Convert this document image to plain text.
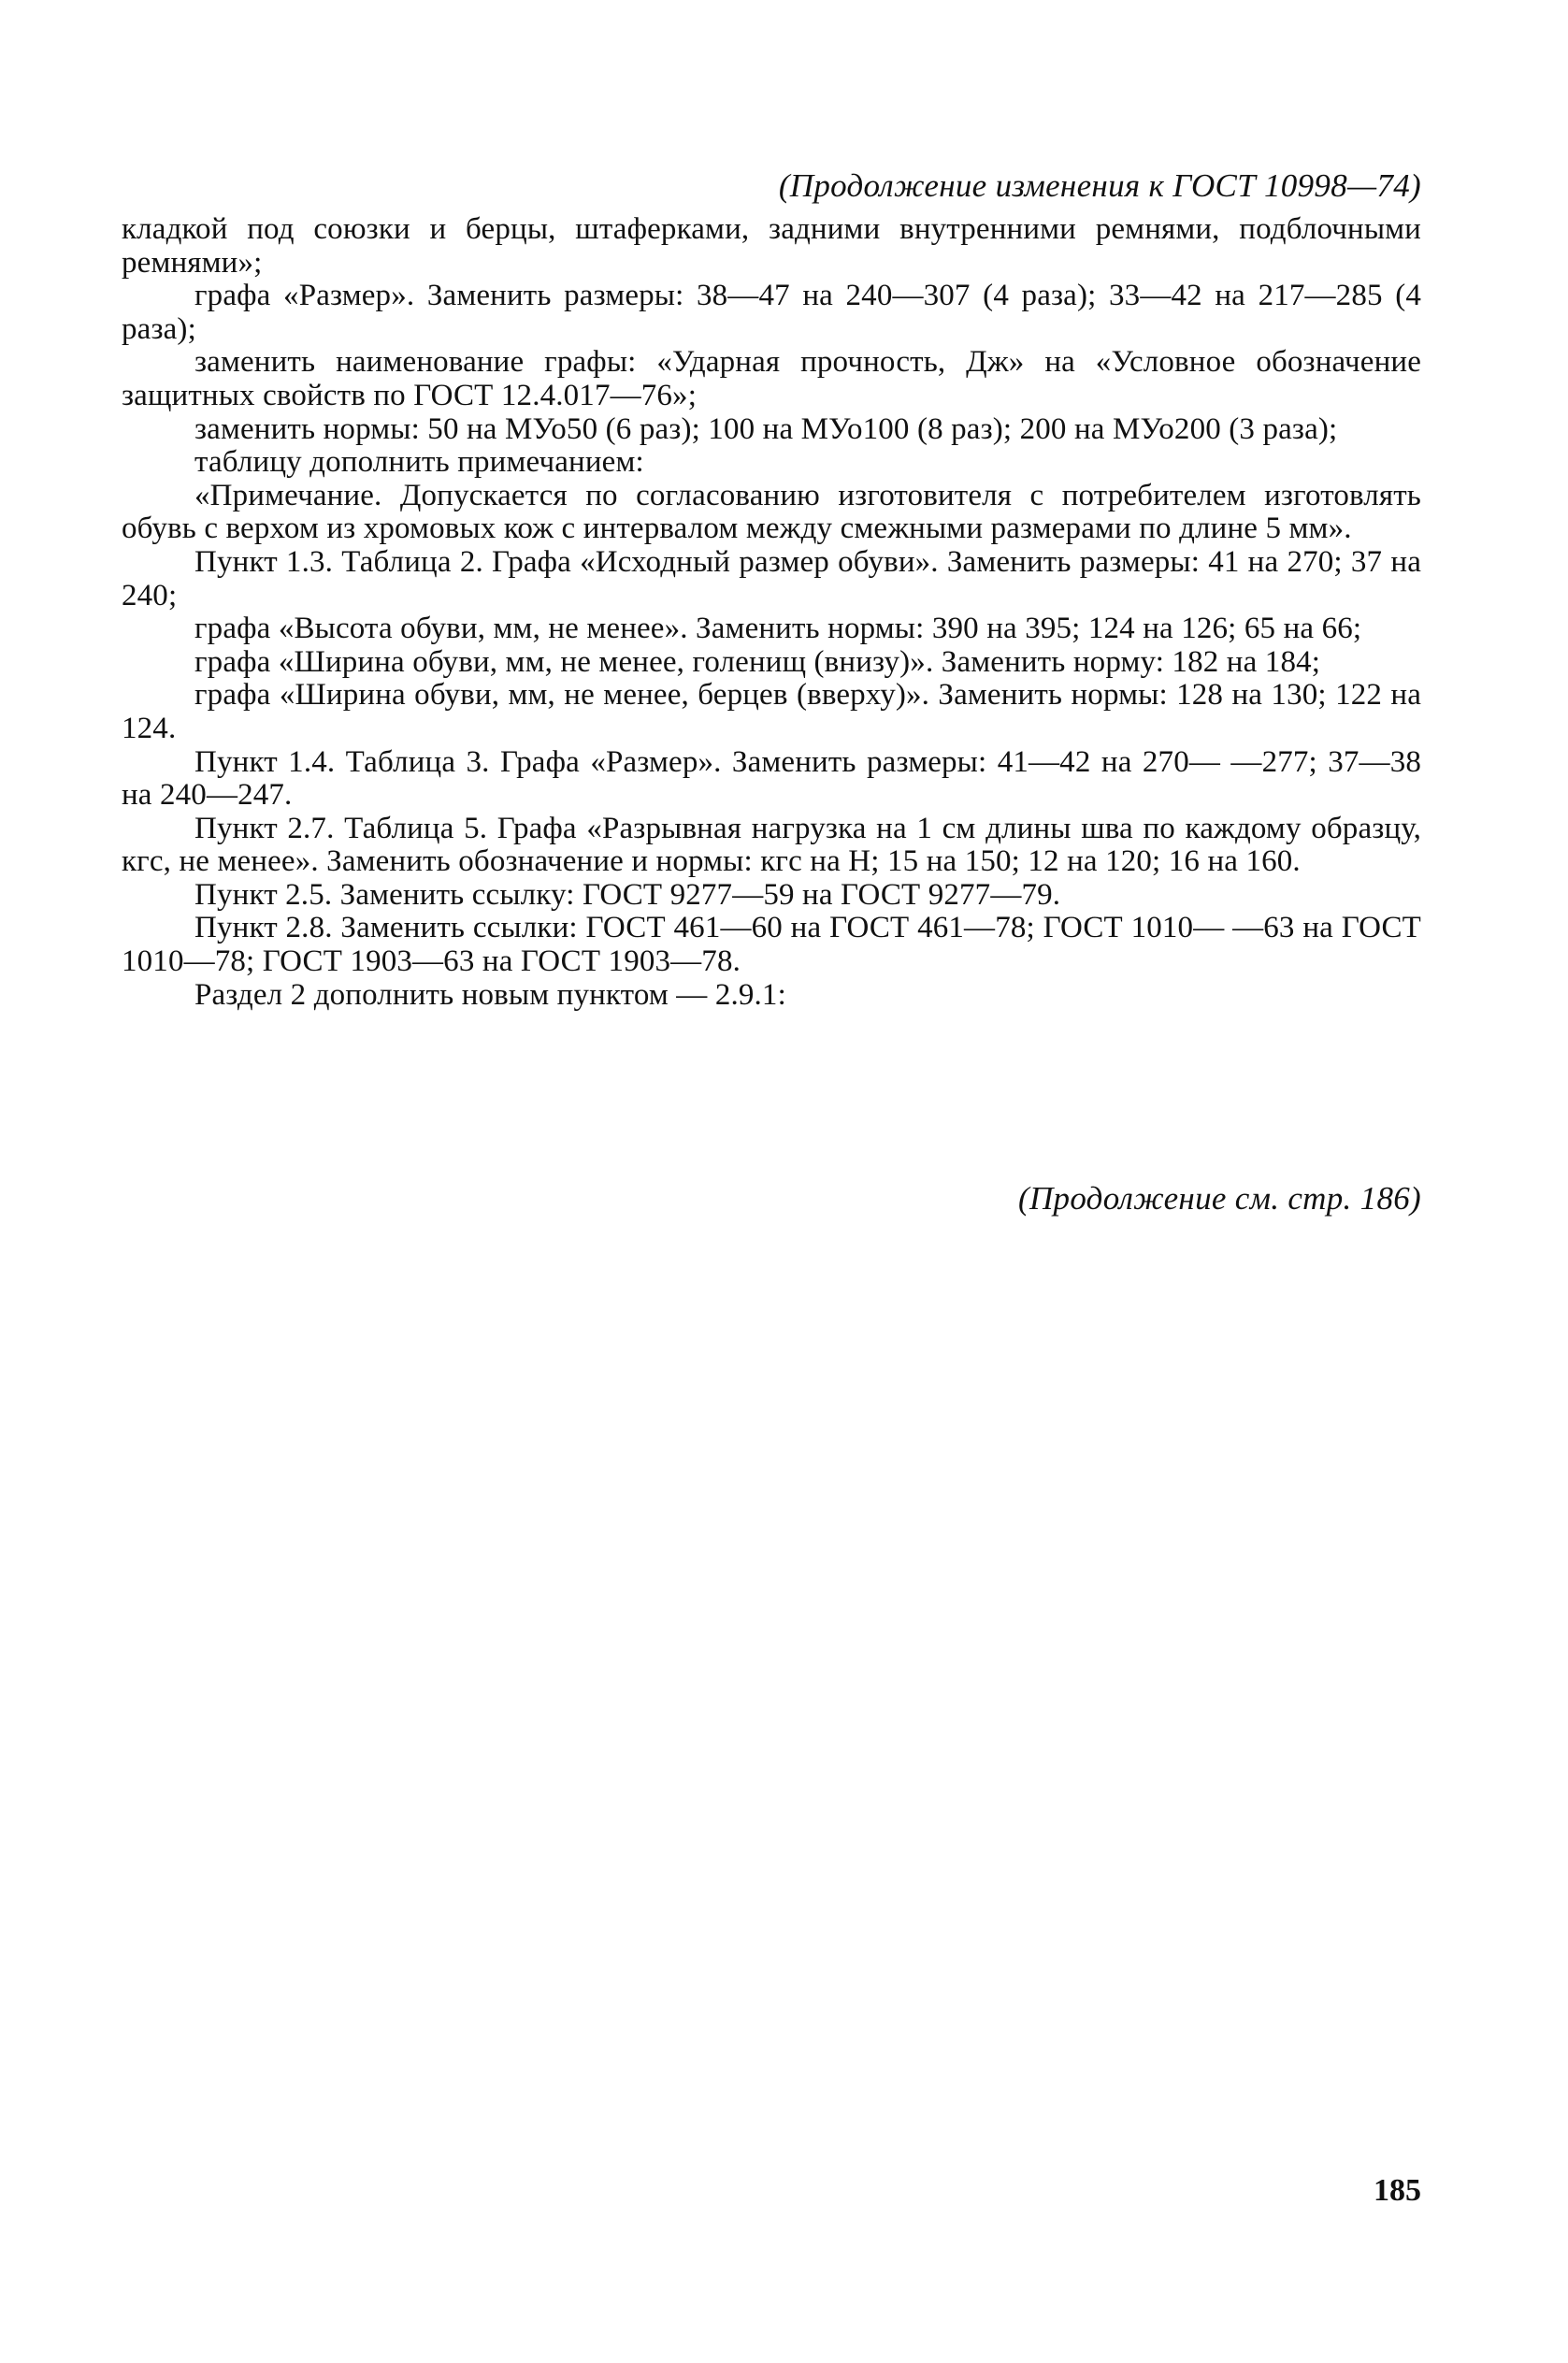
(Продолжение изменения к ГОСТ 10998—74)

кладкой под союзки и берцы, штаферками, задними внутренними ремнями, подблочными ремнями»;

графа «Размер». Заменить размеры: 38—47 на 240—307 (4 раза); 33—42 на 217—285 (4 раза);

заменить наименование графы: «Ударная прочность, Дж» на «Условное обозначение защитных свойств по ГОСТ 12.4.017—76»;

заменить нормы: 50 на МУо50 (6 раз); 100 на МУо100 (8 раз); 200 на МУо200 (3 раза);

таблицу дополнить примечанием:

«Примечание. Допускается по согласованию изготовителя с потребителем изготовлять обувь с верхом из хромовых кож с интервалом между смежными размерами по длине 5 мм».

Пункт 1.3. Таблица 2. Графа «Исходный размер обуви». Заменить размеры: 41 на 270; 37 на 240;

графа «Высота обуви, мм, не менее». Заменить нормы: 390 на 395; 124 на 126; 65 на 66;

графа «Ширина обуви, мм, не менее, голенищ (внизу)». Заменить норму: 182 на 184;

графа «Ширина обуви, мм, не менее, берцев (вверху)». Заменить нормы: 128 на 130; 122 на 124.

Пункт 1.4. Таблица 3. Графа «Размер». Заменить размеры: 41—42 на 270— —277; 37—38 на 240—247.

Пункт 2.7. Таблица 5. Графа «Разрывная нагрузка на 1 см длины шва по каждому образцу, кгс, не менее». Заменить обозначение и нормы: кгс на Н; 15 на 150; 12 на 120; 16 на 160.

Пункт 2.5. Заменить ссылку: ГОСТ 9277—59 на ГОСТ 9277—79.

Пункт 2.8. Заменить ссылки: ГОСТ 461—60 на ГОСТ 461—78; ГОСТ 1010— —63 на ГОСТ 1010—78; ГОСТ 1903—63 на ГОСТ 1903—78.

Раздел 2 дополнить новым пунктом — 2.9.1:

(Продолжение см. стр. 186)
185
